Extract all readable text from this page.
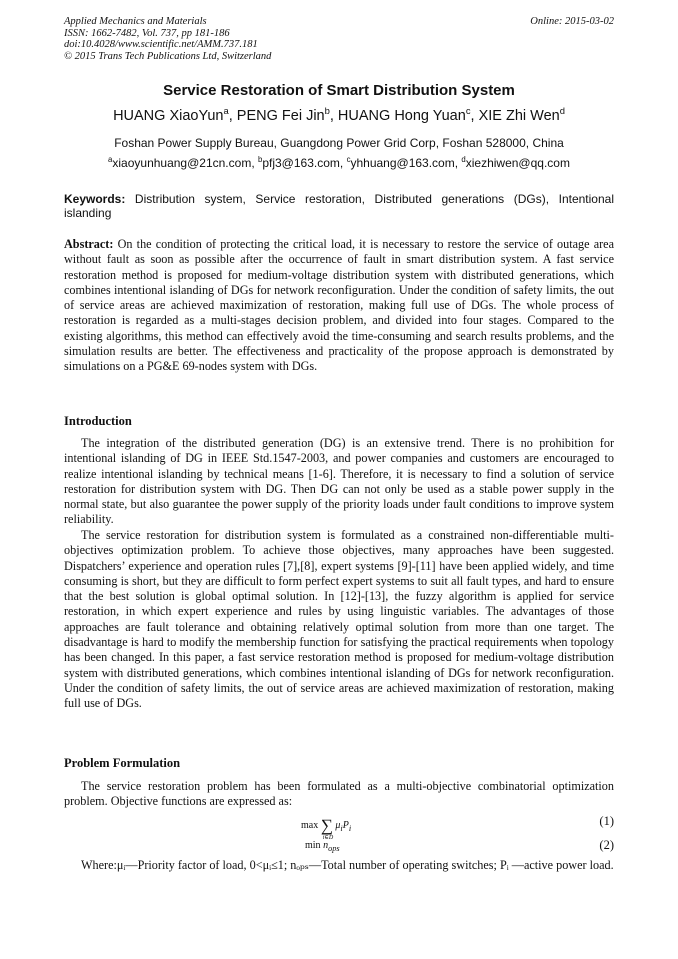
Applied Mechanics and Materials
ISSN: 1662-7482, Vol. 737, pp 181-186
doi:10.4028/www.scientific.net/AMM.737.181
© 2015 Trans Tech Publications Ltd, Switzerland
Online: 2015-03-02
Service Restoration of Smart Distribution System
HUANG XiaoYun$^a$, PENG Fei Jin$^b$, HUANG Hong Yuan$^c$, XIE Zhi Wen$^d$
Foshan Power Supply Bureau, Guangdong Power Grid Corp, Foshan 528000, China
$^a$xiaoyunhuang@21cn.com, $^b$pfj3@163.com, $^c$yhhuang@163.com, $^d$xiezhiwen@qq.com
Keywords: Distribution system, Service restoration, Distributed generations (DGs), Intentional islanding
Abstract: On the condition of protecting the critical load, it is necessary to restore the service of outage area without fault as soon as possible after the occurrence of fault in smart distribution system. A fast service restoration method is proposed for medium-voltage distribution system with distributed generations, which combines intentional islanding of DGs for network reconfiguration. Under the condition of safety limits, the out of service areas are achieved maximization of restoration, making full use of DGs. The whole process of restoration is regarded as a multi-stages decision problem, and divided into four stages. Compared to the existing algorithms, this method can effectively avoid the time-consuming and search results problems, and the simulation results are better. The effectiveness and practicality of the propose approach is demonstrated by simulations on a PG&E 69-nodes system with DGs.
Introduction

The integration of the distributed generation (DG) is an extensive trend. There is no prohibition for intentional islanding of DG in IEEE Std.1547-2003, and power companies and customers are encouraged to realize intentional islanding by technical means [1-6]. Therefore, it is necessary to find a solution of service restoration for distribution system with DG. Then DG can not only be used as a stable power supply in the normal state, but also guarantee the power supply of the priority loads under fault conditions to improve system reliability.

The service restoration for distribution system is formulated as a constrained non-differentiable multi-objectives optimization problem. To achieve those objectives, many approaches have been suggested. Dispatchers’ experience and operation rules [7],[8], expert systems [9]-[11] have been applied widely, and time consuming is short, but they are difficult to form perfect expert systems to suit all fault types, and hard to ensure that the best solution is global optimal solution. In [12]-[13], the fuzzy algorithm is applied for service restoration, in which expert experience and rules by using linguistic variables. The advantages of those approaches are fault tolerance and obtaining relatively optimal solution from more than one target. The disadvantage is hard to modify the membership function for satisfying the practical requirements when topology has been changed. In this paper, a fast service restoration method is proposed for medium-voltage distribution system with distributed generations, which combines intentional islanding of DGs for network reconfiguration. Under the condition of safety limits, the out of service areas are achieved maximization of restoration, making full use of DGs.

Problem Formulation

The service restoration problem has been formulated as a multi-objective combinatorial optimization problem. Objective functions are expressed as:

max ∑
i∈D
$\mu_iP_i$
(1)
$\min n_{ops}$	(2)
Where:μᵢ—Priority factor of load, 0<μᵢ≤1; nₒₚₛ—Total number of operating switches; Pᵢ —active power load.
